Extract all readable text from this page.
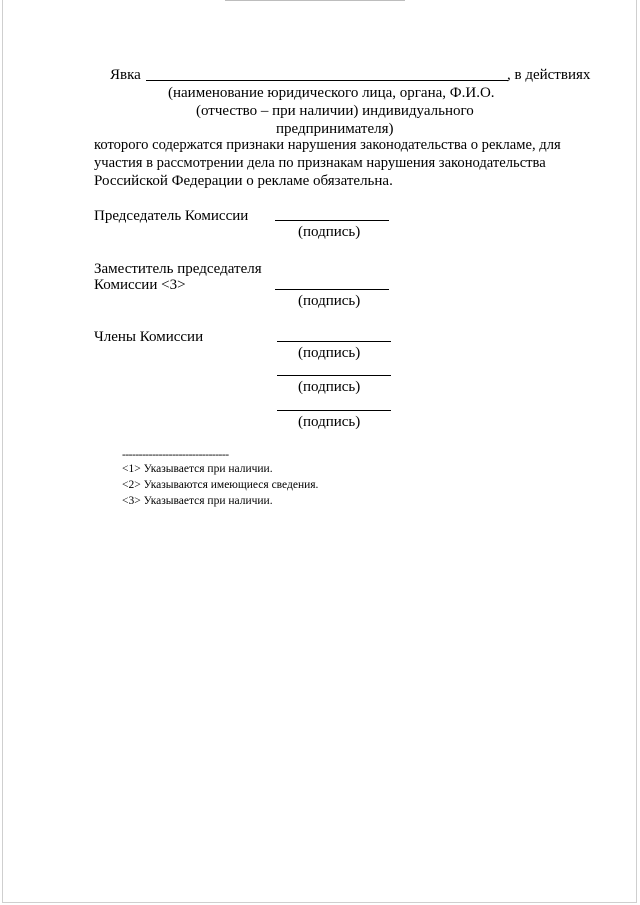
Явка	, в действиях
(наименование юридического лица, органа, Ф.И.О.
(отчество – при наличии) индивидуального
предпринимателя)
которого содержатся признаки нарушения законодательства о рекламе, для
участия в рассмотрении дела по признакам нарушения законодательства
Российской Федерации о рекламе обязательна.
Председатель Комиссии
(подпись)
Заместитель председателя
Комиссии <3>
(подпись)
Члены Комиссии
(подпись)
(подпись)
(подпись)
--------------------------------
<1> Указывается при наличии.
<2> Указываются имеющиеся сведения.
<3> Указывается при наличии.
